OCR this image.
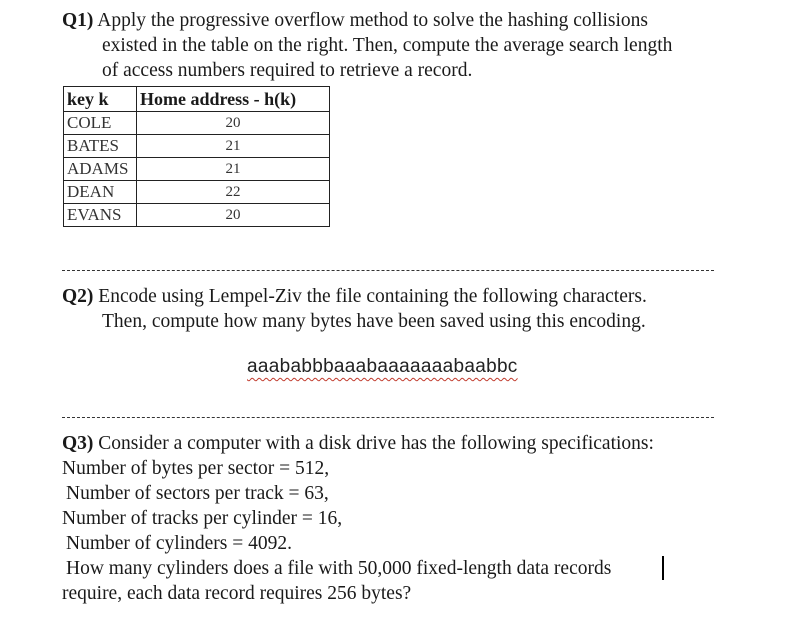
Q1) Apply the progressive overflow method to solve the hashing collisions
existed in the table on the right. Then, compute the average search length
of access numbers required to retrieve a record.
key k	Home address - h(k)
COLE	20
BATES	21
ADAMS	21
DEAN	22
EVANS	20
Q2) Encode using Lempel-Ziv the file containing the following characters.
Then, compute how many bytes have been saved using this encoding.
aaababbbaaabaaaaaaabaabbc
Q3) Consider a computer with a disk drive has the following specifications:
Number of bytes per sector = 512,
Number of sectors per track = 63,
Number of tracks per cylinder = 16,
Number of cylinders = 4092.
How many cylinders does a file with 50,000 fixed-length data records
require, each data record requires 256 bytes?
